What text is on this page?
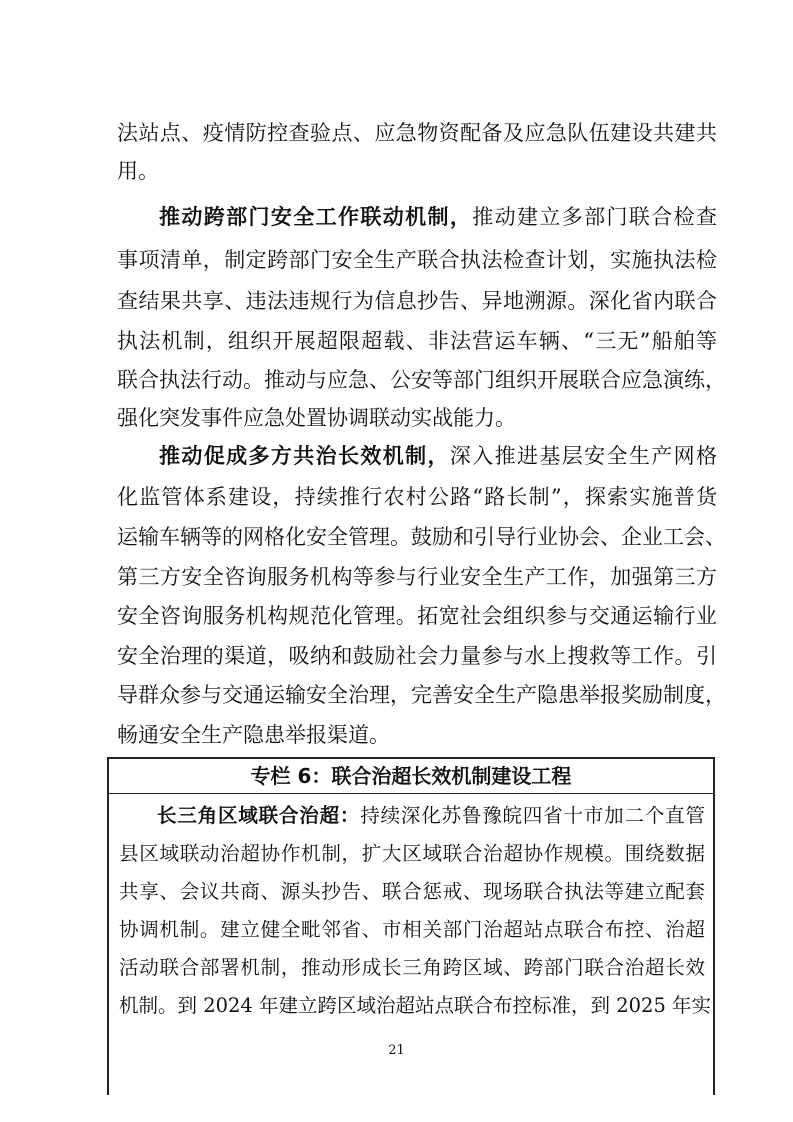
法站点、疫情防控查验点、应急物资配备及应急队伍建设共建共
用。
推动跨部门安全工作联动机制，推动建立多部门联合检查
事项清单，制定跨部门安全生产联合执法检查计划，实施执法检
查结果共享、违法违规行为信息抄告、异地溯源。深化省内联合
执法机制，组织开展超限超载、非法营运车辆、“三无”船舶等
联合执法行动。推动与应急、公安等部门组织开展联合应急演练，
强化突发事件应急处置协调联动实战能力。
推动促成多方共治长效机制，深入推进基层安全生产网格
化监管体系建设，持续推行农村公路“路长制”，探索实施普货
运输车辆等的网格化安全管理。鼓励和引导行业协会、企业工会、
第三方安全咨询服务机构等参与行业安全生产工作，加强第三方
安全咨询服务机构规范化管理。拓宽社会组织参与交通运输行业
安全治理的渠道，吸纳和鼓励社会力量参与水上搜救等工作。引
导群众参与交通运输安全治理，完善安全生产隐患举报奖励制度，
畅通安全生产隐患举报渠道。
专栏 6：联合治超长效机制建设工程
长三角区域联合治超：持续深化苏鲁豫皖四省十市加二个直管
县区域联动治超协作机制，扩大区域联合治超协作规模。围绕数据
共享、会议共商、源头抄告、联合惩戒、现场联合执法等建立配套
协调机制。建立健全毗邻省、市相关部门治超站点联合布控、治超
活动联合部署机制，推动形成长三角跨区域、跨部门联合治超长效
机制。到 2024 年建立跨区域治超站点联合布控标准，到 2025 年实
21
